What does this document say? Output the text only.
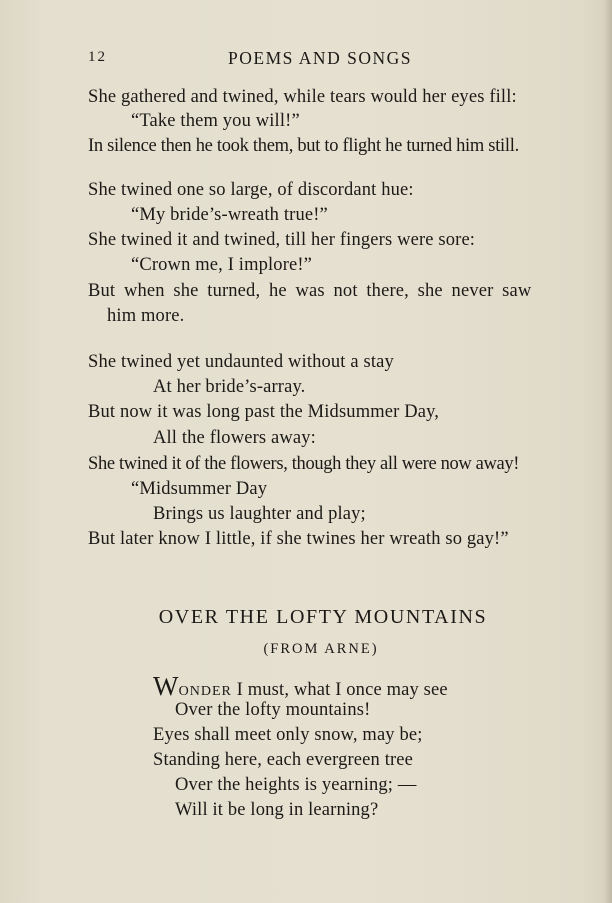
12	POEMS AND SONGS
She gathered and twined, while tears would her eyes fill:
“Take them you will!”
In silence then he took them, but to flight he turned him still.
She twined one so large, of discordant hue:
“My bride’s-wreath true!”
She twined it and twined, till her fingers were sore:
“Crown me, I implore!”
But when she turned, he was not there, she never saw
him more.
She twined yet undaunted without a stay
At her bride’s-array.
But now it was long past the Midsummer Day,
All the flowers away:
She twined it of the flowers, though they all were now away!
“Midsummer Day
Brings us laughter and play;
But later know I little, if she twines her wreath so gay!”
OVER THE LOFTY MOUNTAINS
(FROM ARNE)
WONDER I must, what I once may see
Over the lofty mountains!
Eyes shall meet only snow, may be;
Standing here, each evergreen tree
Over the heights is yearning; —
Will it be long in learning?
